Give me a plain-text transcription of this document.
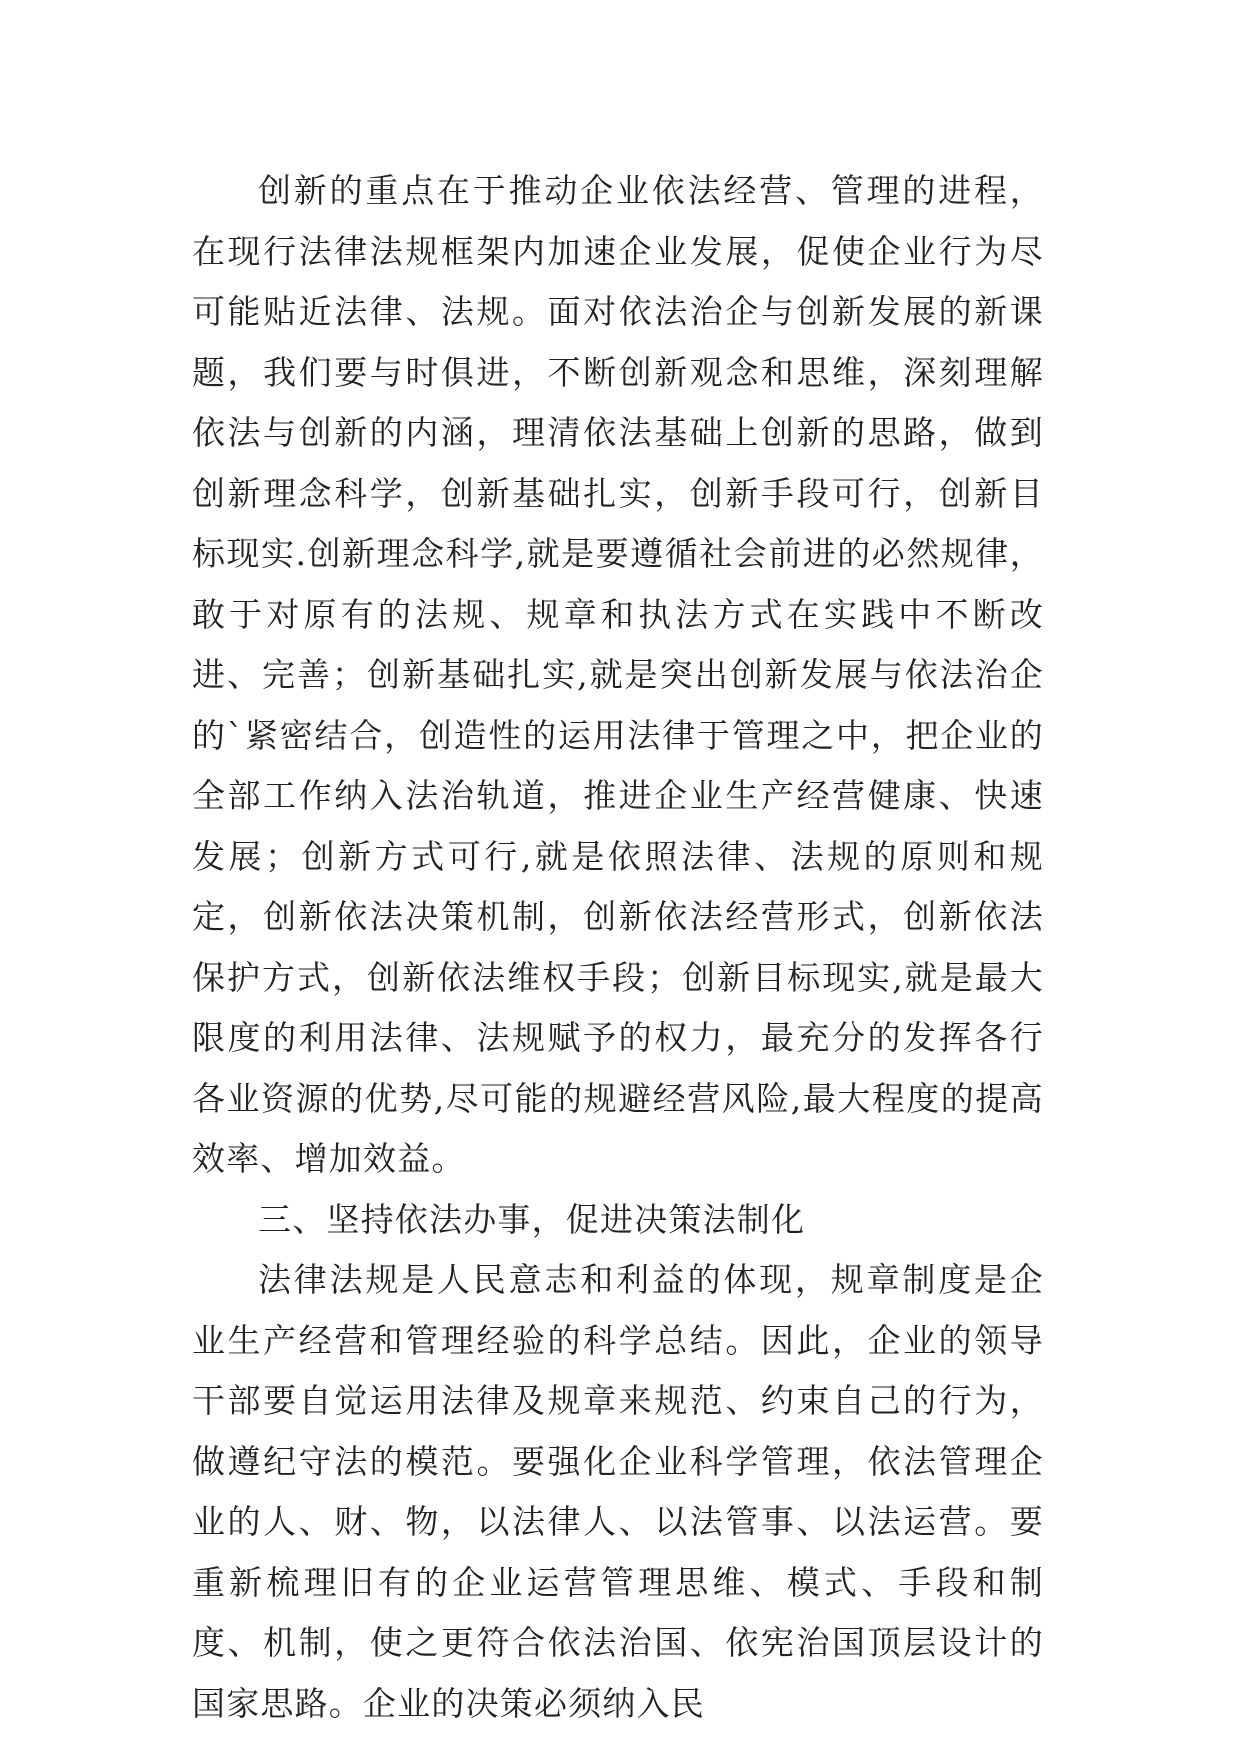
创新的重点在于推动企业依法经营、管理的进程，在现行法律法规框架内加速企业发展，促使企业行为尽可能贴近法律、法规。面对依法治企与创新发展的新课题，我们要与时俱进，不断创新观念和思维，深刻理解依法与创新的内涵，理清依法基础上创新的思路，做到创新理念科学，创新基础扎实，创新手段可行，创新目标现实.创新理念科学,就是要遵循社会前进的必然规律，敢于对原有的法规、规章和执法方式在实践中不断改进、完善；创新基础扎实,就是突出创新发展与依法治企的`紧密结合，创造性的运用法律于管理之中，把企业的全部工作纳入法治轨道，推进企业生产经营健康、快速发展；创新方式可行,就是依照法律、法规的原则和规定，创新依法决策机制，创新依法经营形式，创新依法保护方式，创新依法维权手段；创新目标现实,就是最大限度的利用法律、法规赋予的权力，最充分的发挥各行各业资源的优势,尽可能的规避经营风险,最大程度的提高效率、增加效益。

三、坚持依法办事，促进决策法制化

法律法规是人民意志和利益的体现，规章制度是企业生产经营和管理经验的科学总结。因此，企业的领导干部要自觉运用法律及规章来规范、约束自己的行为，做遵纪守法的模范。要强化企业科学管理，依法管理企业的人、财、物，以法律人、以法管事、以法运营。要重新梳理旧有的企业运营管理思维、模式、手段和制度、机制，使之更符合依法治国、依宪治国顶层设计的国家思路。企业的决策必须纳入民
